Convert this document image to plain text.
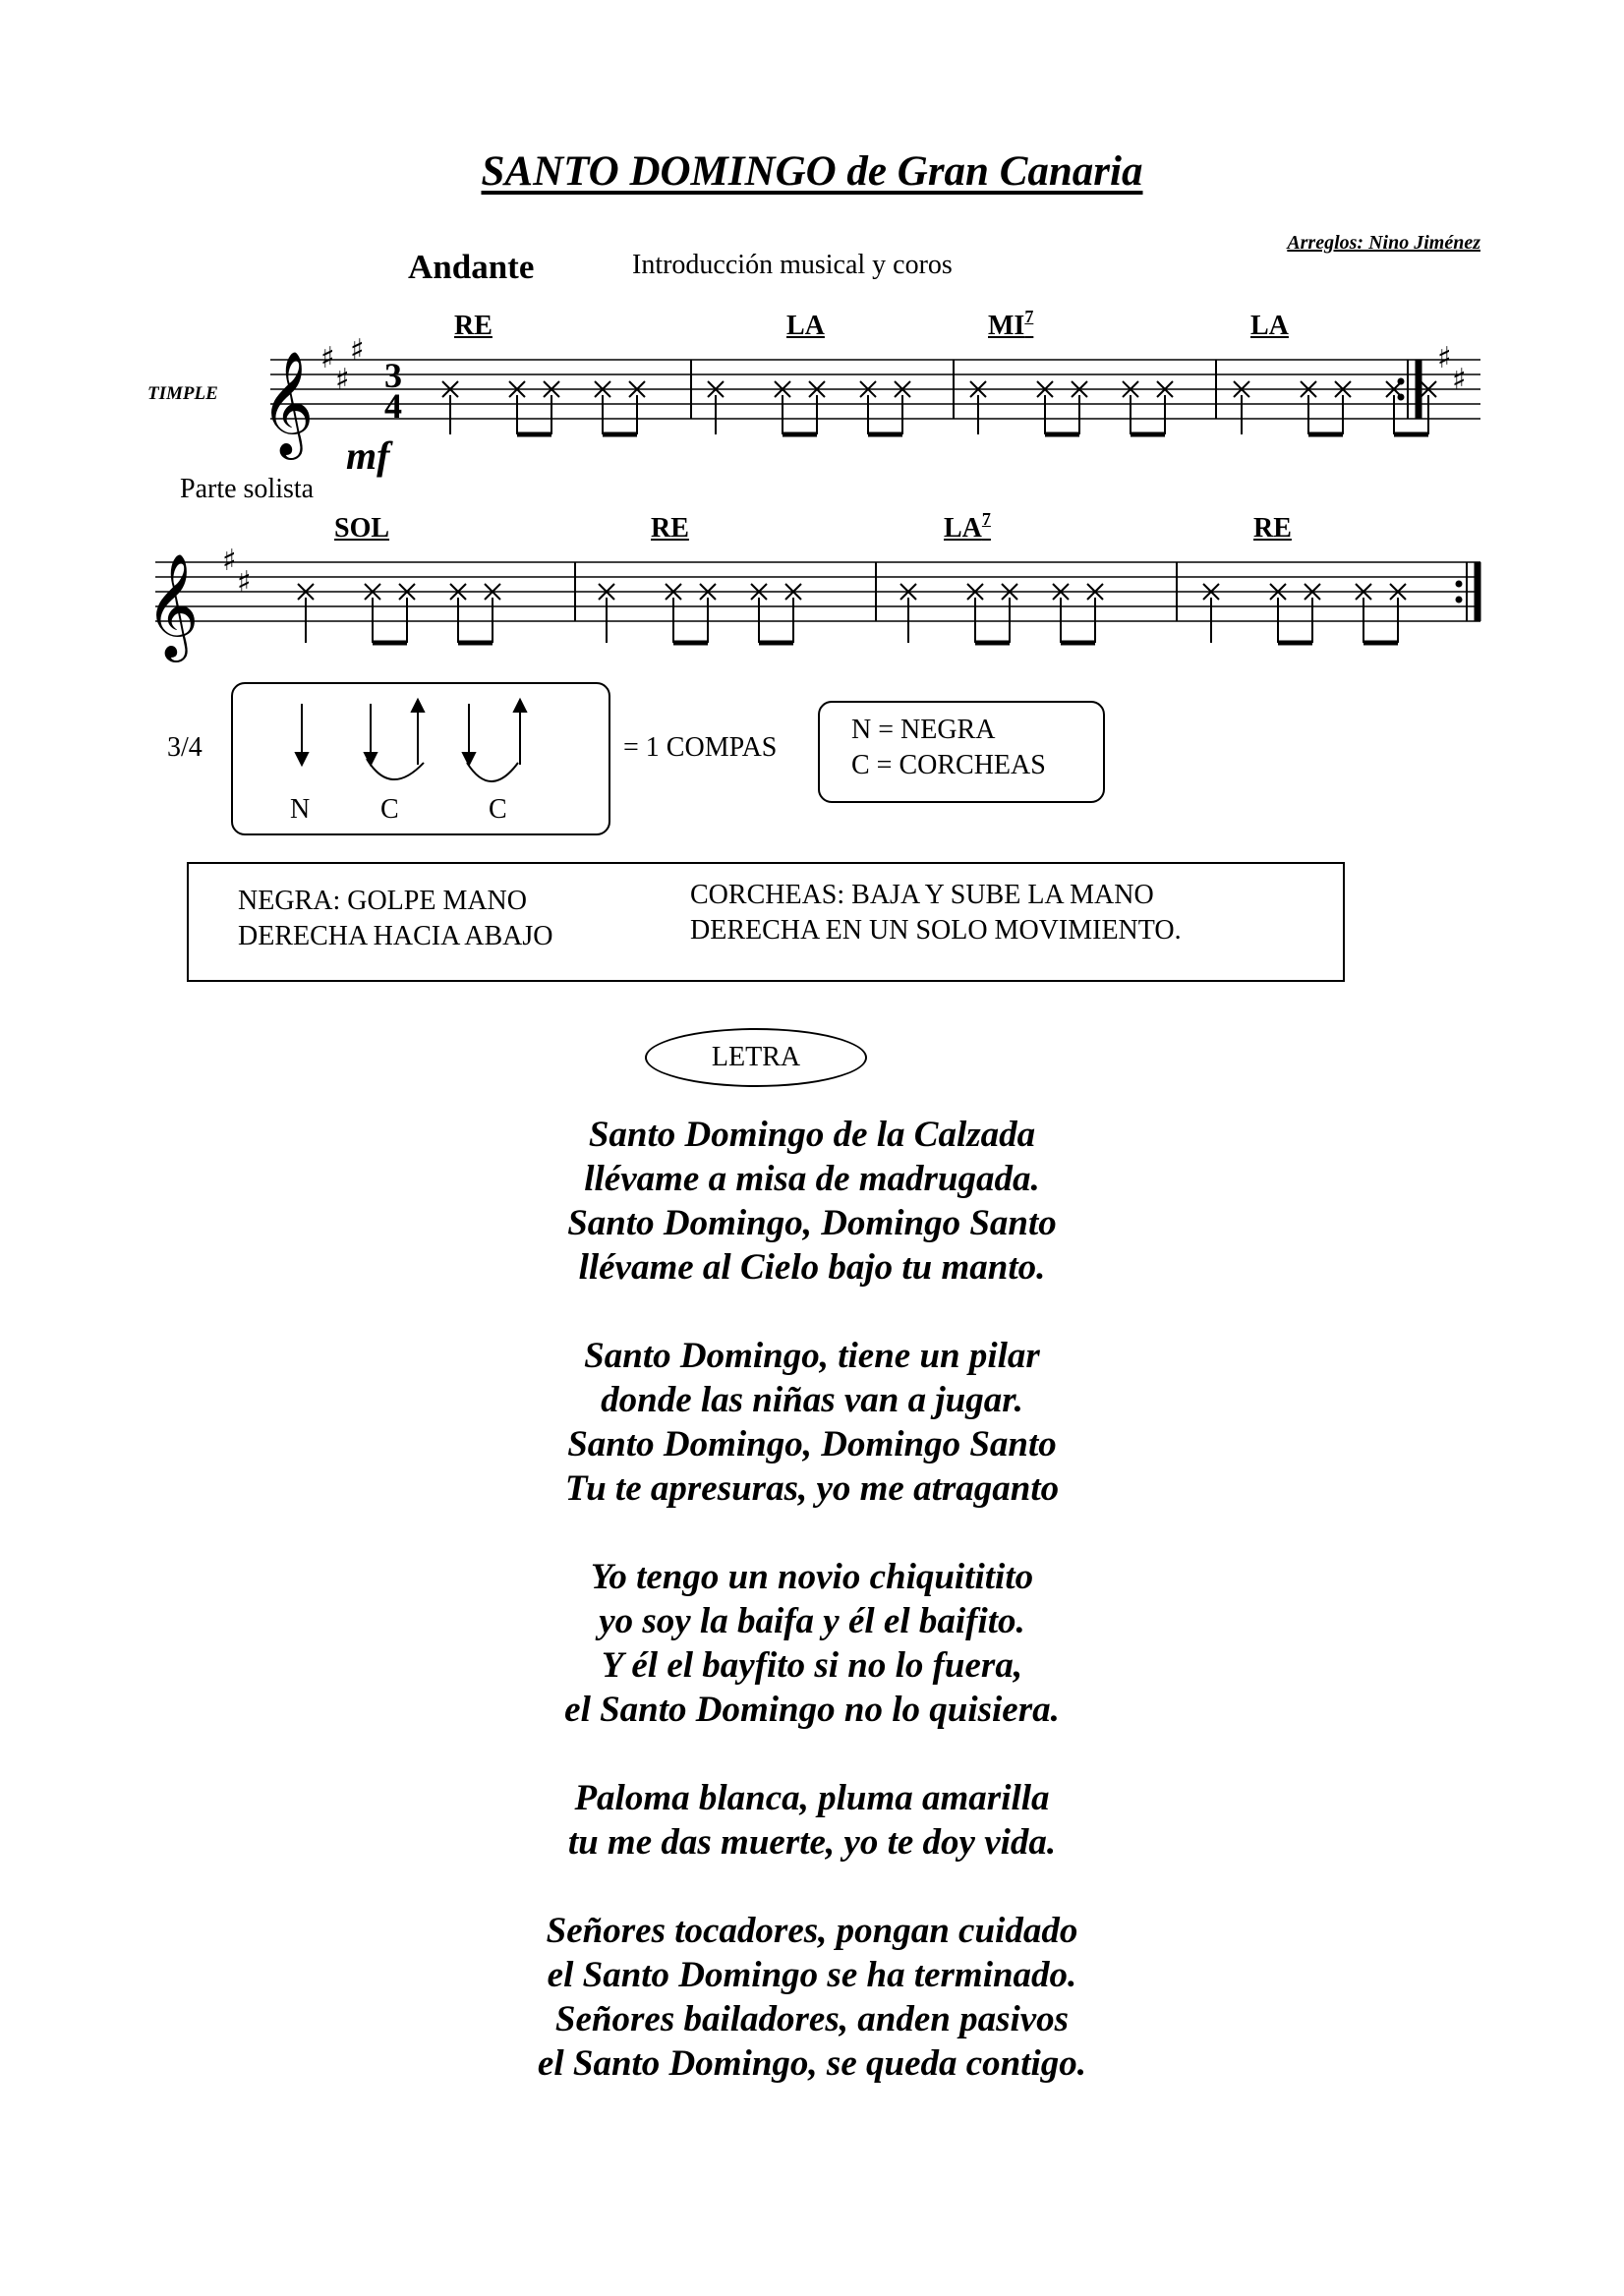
SANTO DOMINGO de Gran Canaria
Arreglos: Nino Jiménez
Andante	Introducción musical y coros
TIMPLE
mf
Parte solista
RE	LA	$MI^7$	LA
SOL	RE	$LA^7$	RE
𝄞
𝄞
♯
♯
♯	♯
♯
♯
♯
3
4
3/4
N	C	C
= 1 COMPAS
N = NEGRA
C = CORCHEAS
NEGRA: GOLPE MANO
DERECHA HACIA ABAJO
CORCHEAS: BAJA Y SUBE LA MANO
DERECHA EN UN SOLO MOVIMIENTO.
LETRA
Santo Domingo de la Calzada
llévame a misa de madrugada.
Santo Domingo, Domingo Santo
llévame al Cielo bajo tu manto.
Santo Domingo, tiene un pilar
donde las niñas van a jugar.
Santo Domingo, Domingo Santo
Tu te apresuras, yo me atraganto
Yo tengo un novio chiquititito
yo soy la baifa y él el baifito.
Y él el bayfito si no lo fuera,
el Santo Domingo no lo quisiera.
Paloma blanca, pluma amarilla
tu me das muerte, yo te doy vida.
Señores tocadores, pongan cuidado
el Santo Domingo se ha terminado.
Señores bailadores, anden pasivos
el Santo Domingo, se queda contigo.
